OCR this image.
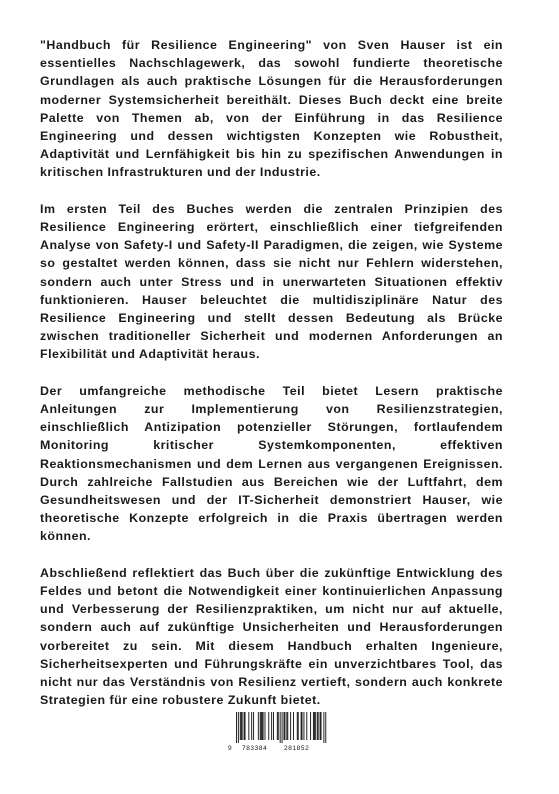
"Handbuch für Resilience Engineering" von Sven Hauser ist ein essentielles Nachschlagewerk, das sowohl fundierte theoretische Grundlagen als auch praktische Lösungen für die Herausforderungen moderner Systemsicherheit bereithält. Dieses Buch deckt eine breite Palette von Themen ab, von der Einführung in das Resilience Engineering und dessen wichtigsten Konzepten wie Robustheit, Adaptivität und Lernfähigkeit bis hin zu spezifischen Anwendungen in kritischen Infrastrukturen und der Industrie.

Im ersten Teil des Buches werden die zentralen Prinzipien des Resilience Engineering erörtert, einschließlich einer tiefgreifenden Analyse von Safety-I und Safety-II Paradigmen, die zeigen, wie Systeme so gestaltet werden können, dass sie nicht nur Fehlern widerstehen, sondern auch unter Stress und in unerwarteten Situationen effektiv funktionieren. Hauser beleuchtet die multidisziplinäre Natur des Resilience Engineering und stellt dessen Bedeutung als Brücke zwischen traditioneller Sicherheit und modernen Anforderungen an Flexibilität und Adaptivität heraus.

Der umfangreiche methodische Teil bietet Lesern praktische Anleitungen zur Implementierung von Resilienzstrategien, einschließlich Antizipation potenzieller Störungen, fortlaufendem Monitoring kritischer Systemkomponenten, effektiven Reaktionsmechanismen und dem Lernen aus vergangenen Ereignissen. Durch zahlreiche Fallstudien aus Bereichen wie der Luftfahrt, dem Gesundheitswesen und der IT-Sicherheit demonstriert Hauser, wie theoretische Konzepte erfolgreich in die Praxis übertragen werden können.

Abschließend reflektiert das Buch über die zukünftige Entwicklung des Feldes und betont die Notwendigkeit einer kontinuierlichen Anpassung und Verbesserung der Resilienzpraktiken, um nicht nur auf aktuelle, sondern auch auf zukünftige Unsicherheiten und Herausforderungen vorbereitet zu sein. Mit diesem Handbuch erhalten Ingenieure, Sicherheitsexperten und Führungskräfte ein unverzichtbares Tool, das nicht nur das Verständnis von Resilienz vertieft, sondern auch konkrete Strategien für eine robustere Zukunft bietet.

9 783384	281852
